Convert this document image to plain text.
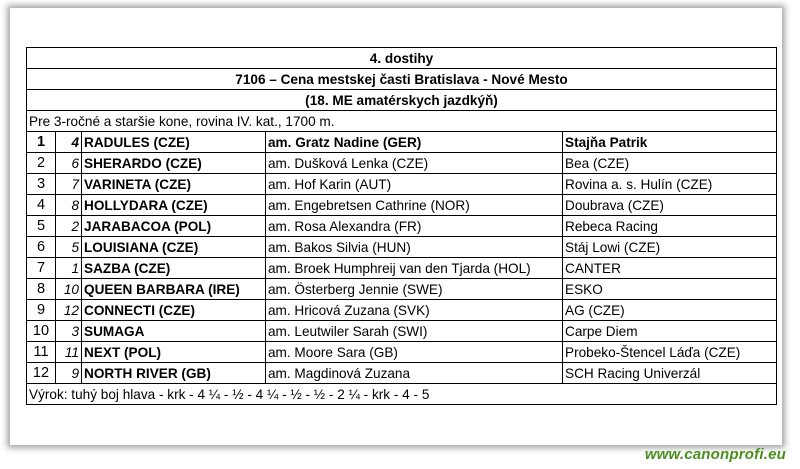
4. dostihy				
7106 – Cena mestskej časti Bratislava - Nové Mesto				
(18. ME amatérskych jazdkýň)				
Pre 3-ročné a staršie kone, rovina IV. kat., 1700 m.				
1	4	RADULES (CZE)	am. Gratz Nadine (GER)	Stajňa Patrik
2	6	SHERARDO (CZE)	am. Dušková Lenka (CZE)	Bea (CZE)
3	7	VARINETA (CZE)	am. Hof Karin (AUT)	Rovina a. s. Hulín (CZE)
4	8	HOLLYDARA (CZE)	am. Engebretsen Cathrine (NOR)	Doubrava (CZE)
5	2	JARABACOA (POL)	am. Rosa Alexandra (FR)	Rebeca Racing
6	5	LOUISIANA (CZE)	am. Bakos Silvia (HUN)	Stáj Lowi (CZE)
7	1	SAZBA (CZE)	am. Broek Humphreij van den Tjarda (HOL)	CANTER
8	10	QUEEN BARBARA (IRE)	am. Österberg Jennie (SWE)	ESKO
9	12	CONNECTI (CZE)	am. Hricová Zuzana (SVK)	AG (CZE)
10	3	SUMAGA	am. Leutwiler Sarah (SWI)	Carpe Diem
11	11	NEXT (POL)	am. Moore Sara (GB)	Probeko-Štencel Láďa (CZE)
12	9	NORTH RIVER (GB)	am. Magdinová Zuzana	SCH Racing Univerzál
Výrok: tuhý boj hlava - krk - 4 ¼ - ½ - 4 ¼ - ½ - ½ - 2 ¼ - krk - 4 - 5				
www.canonprofi.eu
